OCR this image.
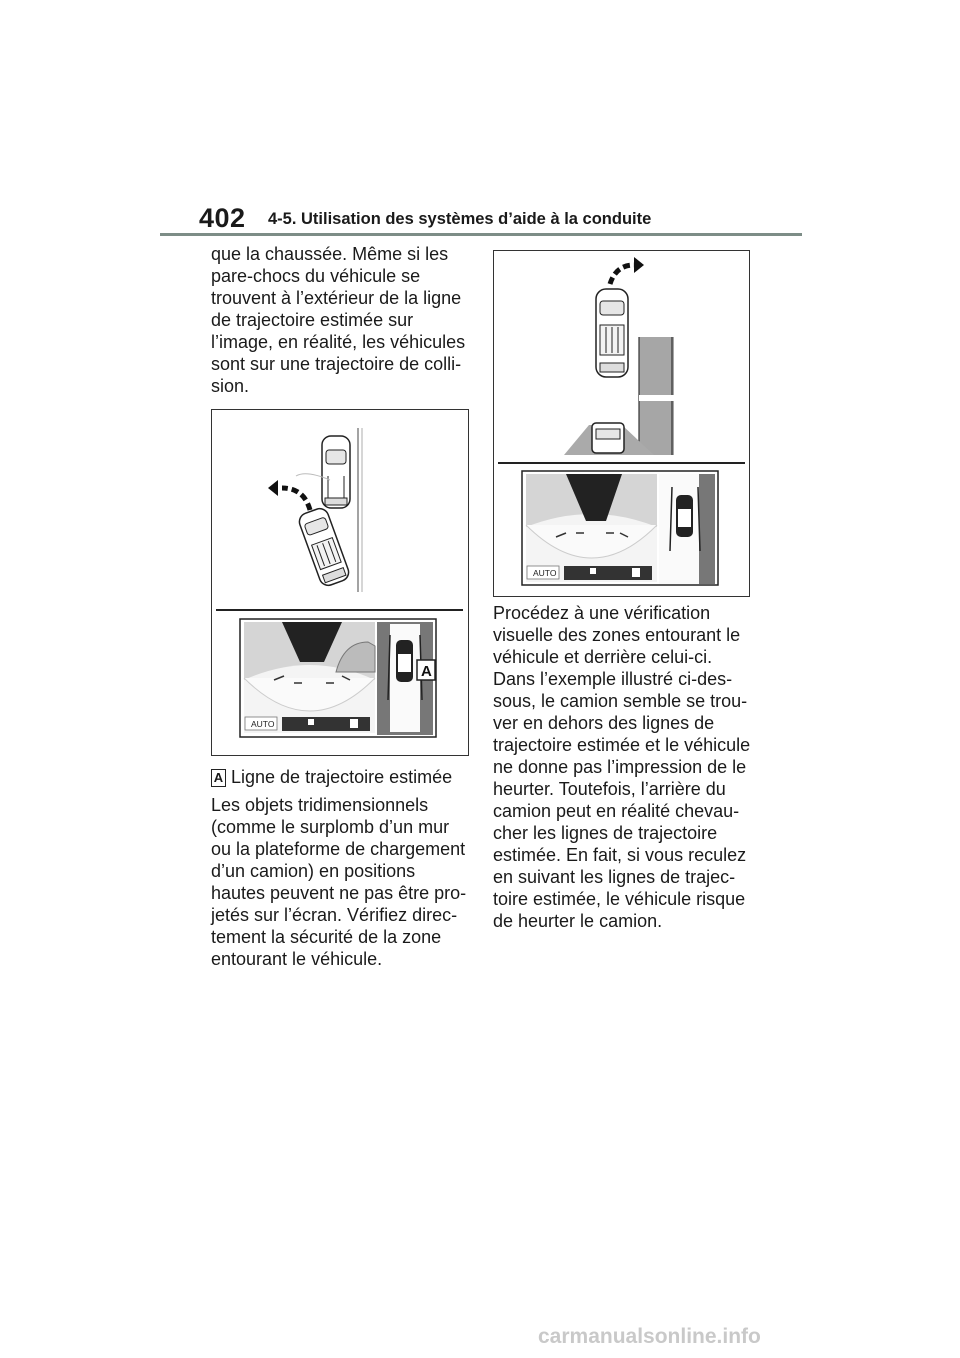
402 4-5. Utilisation des systèmes d’aide à la conduite
que la chaussée. Même si les
pare-chocs du véhicule se
trouvent à l’extérieur de la ligne
de trajectoire estimée sur
l’image, en réalité, les véhicules
sont sur une trajectoire de colli-
sion.
AUTO
A
A Ligne de trajectoire estimée
Les objets tridimensionnels
(comme le surplomb d’un mur
ou la plateforme de chargement
d’un camion) en positions
hautes peuvent ne pas être pro-
jetés sur l’écran. Vérifiez direc-
tement la sécurité de la zone
entourant le véhicule.
AUTO
Procédez à une vérification
visuelle des zones entourant le
véhicule et derrière celui-ci.
Dans l’exemple illustré ci-des-
sous, le camion semble se trou-
ver en dehors des lignes de
trajectoire estimée et le véhicule
ne donne pas l’impression de le
heurter. Toutefois, l’arrière du
camion peut en réalité chevau-
cher les lignes de trajectoire
estimée. En fait, si vous reculez
en suivant les lignes de trajec-
toire estimée, le véhicule risque
de heurter le camion.
carmanualsonline.info
